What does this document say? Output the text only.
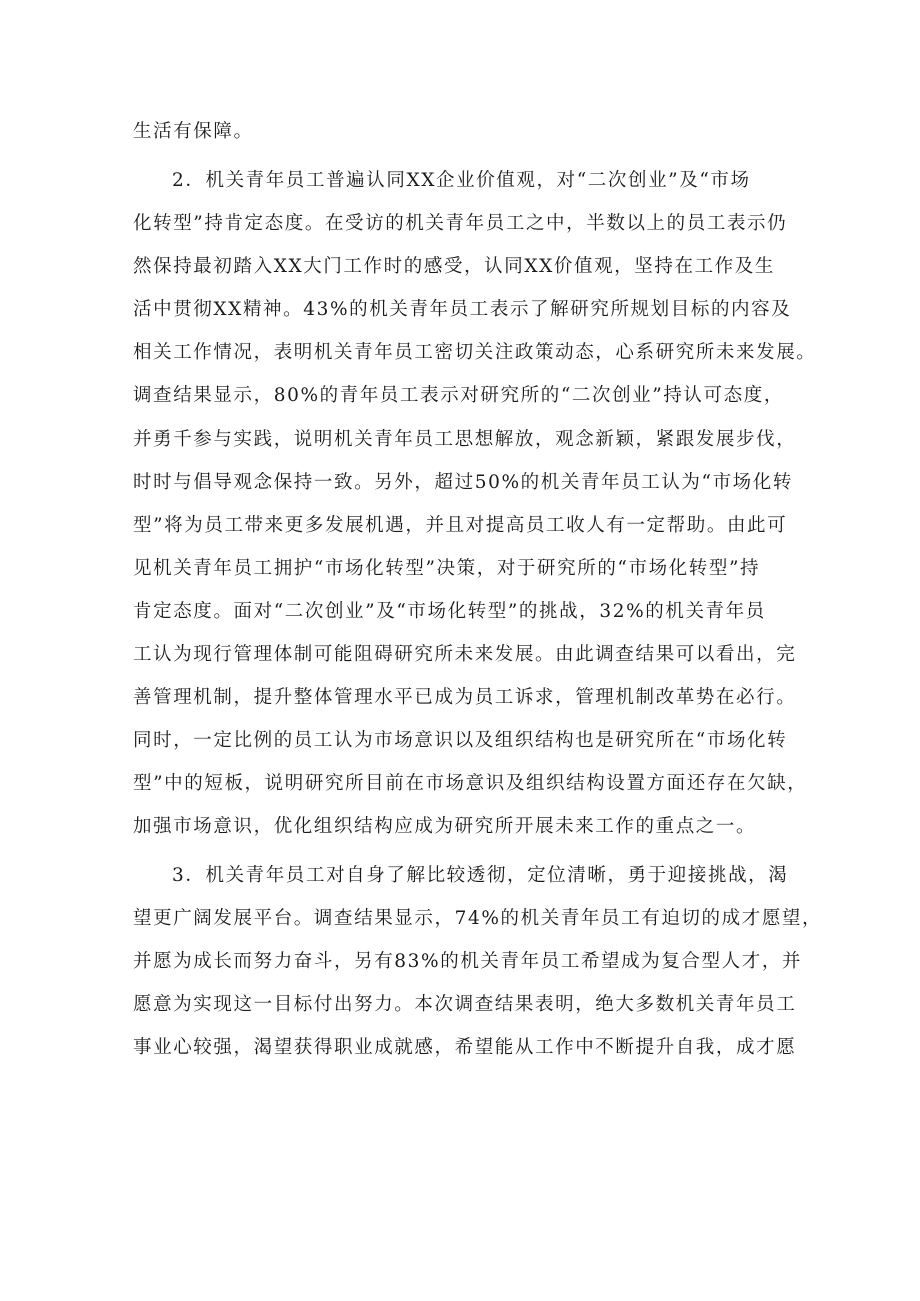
生活有保障。
2．机关青年员工普遍认同XX企业价值观，对“二次创业”及“市场
化转型”持肯定态度。在受访的机关青年员工之中，半数以上的员工表示仍
然保持最初踏入XX大门工作时的感受，认同XX价值观，坚持在工作及生
活中贯彻XX精神。43%的机关青年员工表示了解研究所规划目标的内容及
相关工作情况，表明机关青年员工密切关注政策动态，心系研究所未来发展。
调查结果显示，80%的青年员工表示对研究所的“二次创业”持认可态度，
并勇千参与实践，说明机关青年员工思想解放，观念新颖，紧跟发展步伐，
时时与倡导观念保持一致。另外，超过50%的机关青年员工认为“市场化转
型”将为员工带来更多发展机遇，并且对提高员工收人有一定帮助。由此可
见机关青年员工拥护“市场化转型”决策，对于研究所的“市场化转型”持
肯定态度。面对“二次创业”及“市场化转型”的挑战，32%的机关青年员
工认为现行管理体制可能阻碍研究所未来发展。由此调查结果可以看出，完
善管理机制，提升整体管理水平已成为员工诉求，管理机制改革势在必行。
同时，一定比例的员工认为市场意识以及组织结构也是研究所在“市场化转
型”中的短板，说明研究所目前在市场意识及组织结构设置方面还存在欠缺，
加强市场意识，优化组织结构应成为研究所开展未来工作的重点之一。
3．机关青年员工对自身了解比较透彻，定位清晰，勇于迎接挑战，渴
望更广阔发展平台。调查结果显示，74%的机关青年员工有迫切的成才愿望，
并愿为成长而努力奋斗，另有83%的机关青年员工希望成为复合型人才，并
愿意为实现这一目标付出努力。本次调查结果表明，绝大多数机关青年员工
事业心较强，渴望获得职业成就感，希望能从工作中不断提升自我，成才愿
